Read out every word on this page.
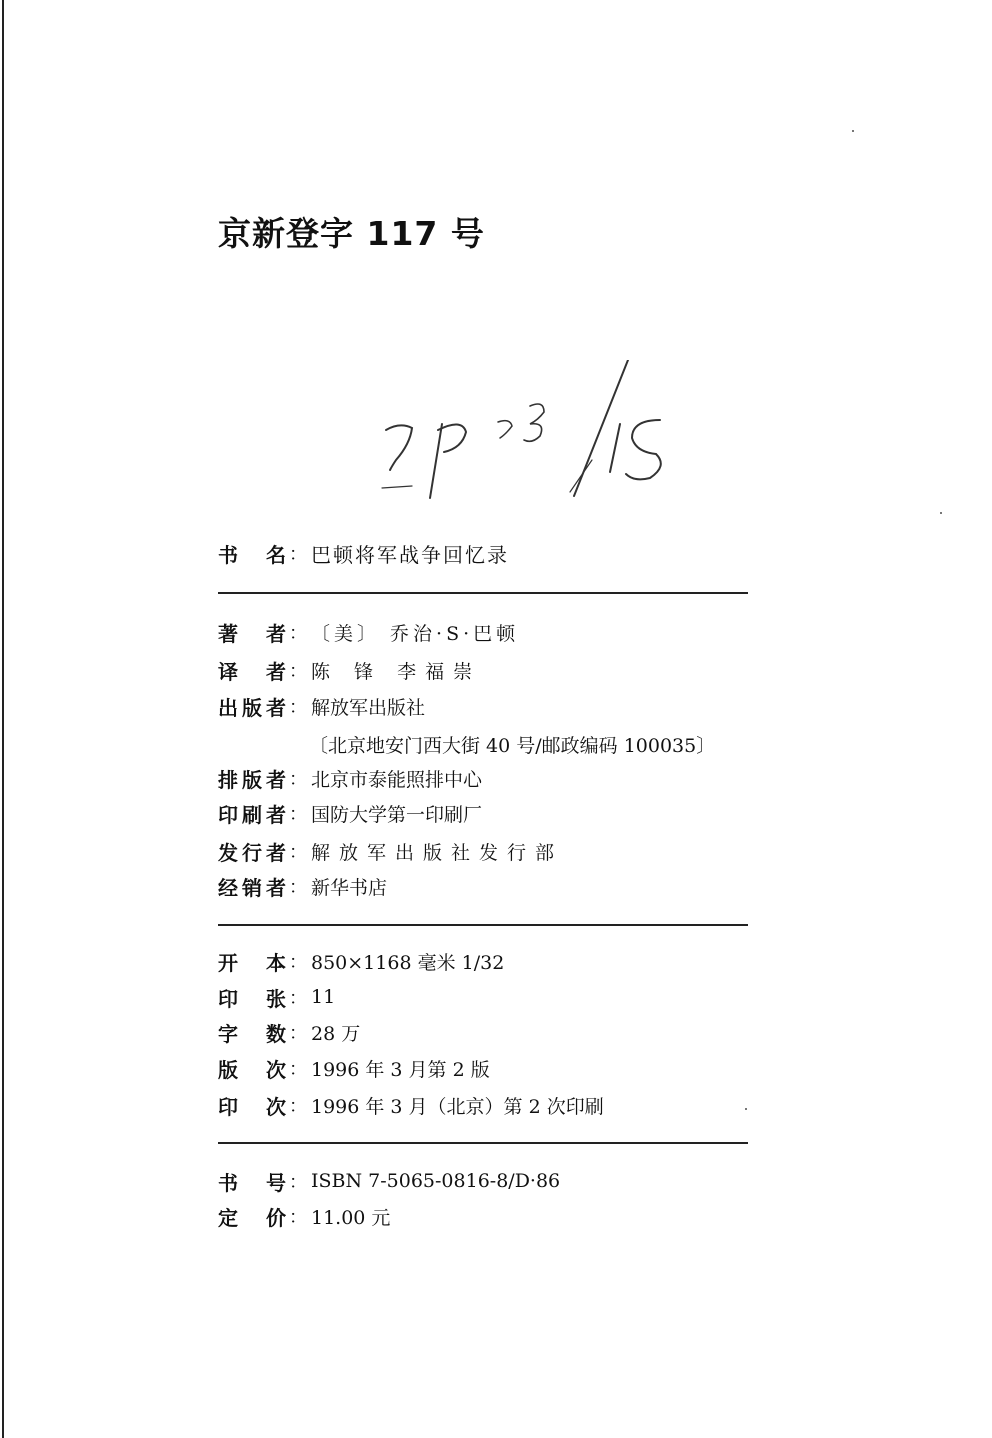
京新登字 117 号
书 名 ： 巴顿将军战争回忆录
著 者 ： 〔美〕 乔治·S·巴顿
译 者 ： 陈 锋 李福崇
出版者 ： 解放军出版社
〔北京地安门西大街 40 号/邮政编码 100035〕
排版者 ： 北京市泰能照排中心
印刷者 ： 国防大学第一印刷厂
发行者 ： 解放军出版社发行部
经销者 ： 新华书店
开 本 ： 850×1168 毫米 1/32
印 张 ： 11
字 数 ： 28 万
版 次 ： 1996 年 3 月第 2 版
印 次 ： 1996 年 3 月（北京）第 2 次印刷
书 号 ： ISBN 7-5065-0816-8/D·86
定 价 ： 11.00 元
